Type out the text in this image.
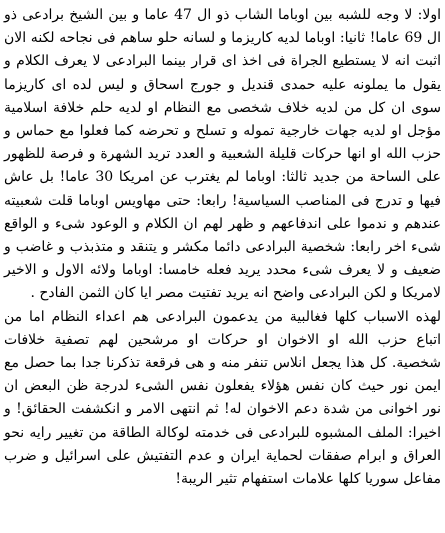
اولا: لا وجه للشبه بين اوباما الشاب ذو ال 47 عاما و بين الشيخ برادعى ذو ال 69 عاما! ثانيا: اوباما لديه كاريزما و لسانه حلو ساهم فى نجاحه لكنه الان اثبت انه لا يستطيع الجراة فى اخذ اى قرار بينما البرادعى لا يعرف الكلام و يقول ما يملونه عليه حمدى قنديل و جورج اسحاق و ليس لده اى كاريزما سوى ان كل من لديه خلاف شخصى مع النظام او لديه حلم خلافة اسلامية مؤجل او لديه جهات خارجية تموله و تسلح و تحرضه كما فعلوا مع حماس و حزب الله او انها حركات قليلة الشعبية و العدد تريد الشهرة و فرصة للظهور على الساحة من جديد ثالثا: اوباما لم يغترب عن امريكا 30 عاما! بل عاش فيها و تدرج فى المناصب السياسية! رابعا: حتى مهاويس اوباما قلت شعبيته عندهم و ندموا على اندفاعهم و ظهر لهم ان الكلام و الوعود شىء و الواقع شىء اخر رابعا: شخصية البرادعى دائما مكشر و يتنقد و متذبذب و غاضب و ضعيف و لا يعرف شىء محدد يريد فعله خامسا: اوباما ولائه الاول و الاخير لامريكا و لكن البرادعى واضح انه يريد تفتيت مصر ايا كان الثمن الفادح .

لهذه الاسباب كلها فغالبية من يدعمون البرادعى هم اعداء النظام اما من اتباع حزب الله او الاخوان او حركات او مرشحين لهم تصفية خلافات شخصية. كل هذا يجعل انلاس تنفر منه و هى فرقعة تذكرنا جدا بما حصل مع ايمن نور حيث كان نفس هؤلاء يفعلون نفس الشىء لدرجة ظن البعض ان نور اخوانى من شدة دعم الاخوان له! ثم انتهى الامر و انكشفت الحقائق! و اخيرا: الملف المشبوه للبرادعى فى خدمته لوكالة الطاقة من تغيير رايه نحو العراق و ابرام صفقات لحماية ايران و عدم التفتيش على اسرائيل و ضرب مفاعل سوريا كلها علامات استفهام تثير الريبة!
